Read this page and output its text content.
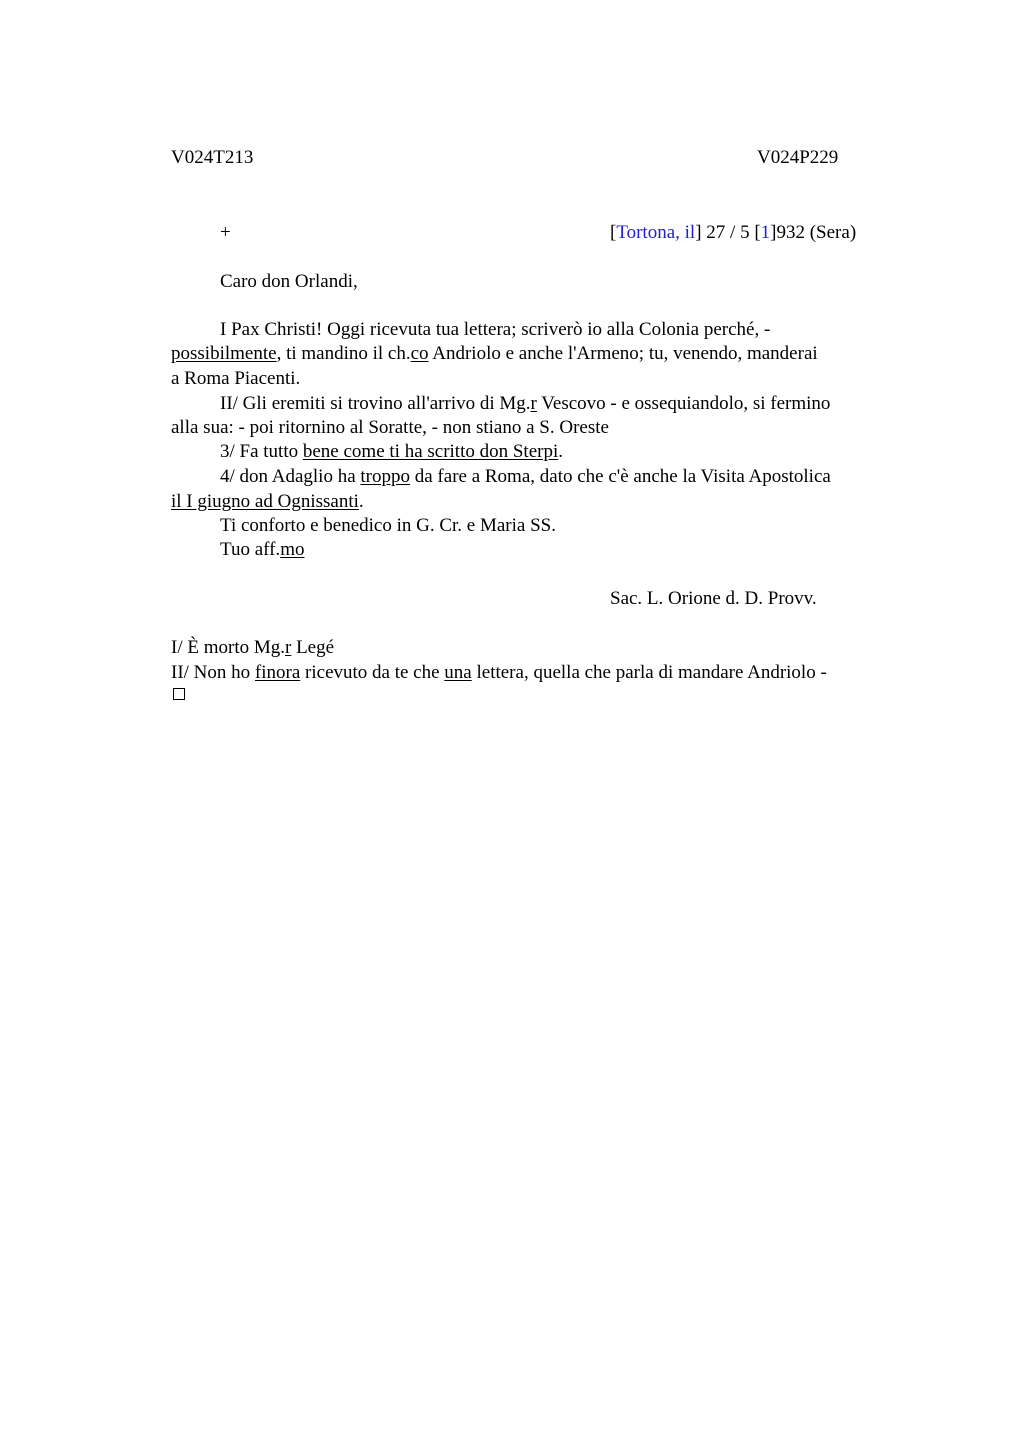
V024T213	V024P229
+	[Tortona, il] 27 / 5 [1]932 (Sera)
Caro don Orlandi,
I Pax Christi! Oggi ricevuta tua lettera; scriverò io alla Colonia perché, -
possibilmente, ti mandino il ch.co Andriolo e anche l'Armeno; tu, venendo, manderai
a Roma Piacenti.
II/ Gli eremiti si trovino all'arrivo di Mg.r Vescovo - e ossequiandolo, si fermino
alla sua: - poi ritornino al Soratte, - non stiano a S. Oreste
3/ Fa tutto bene come ti ha scritto don Sterpi.
4/ don Adaglio ha troppo da fare a Roma, dato che c'è anche la Visita Apostolica
il I giugno ad Ognissanti.
Ti conforto e benedico in G. Cr. e Maria SS.
Tuo aff.mo
Sac. L. Orione d. D. Provv.
I/ È morto Mg.r Legé
II/ Non ho finora ricevuto da te che una lettera, quella che parla di mandare Andriolo -
